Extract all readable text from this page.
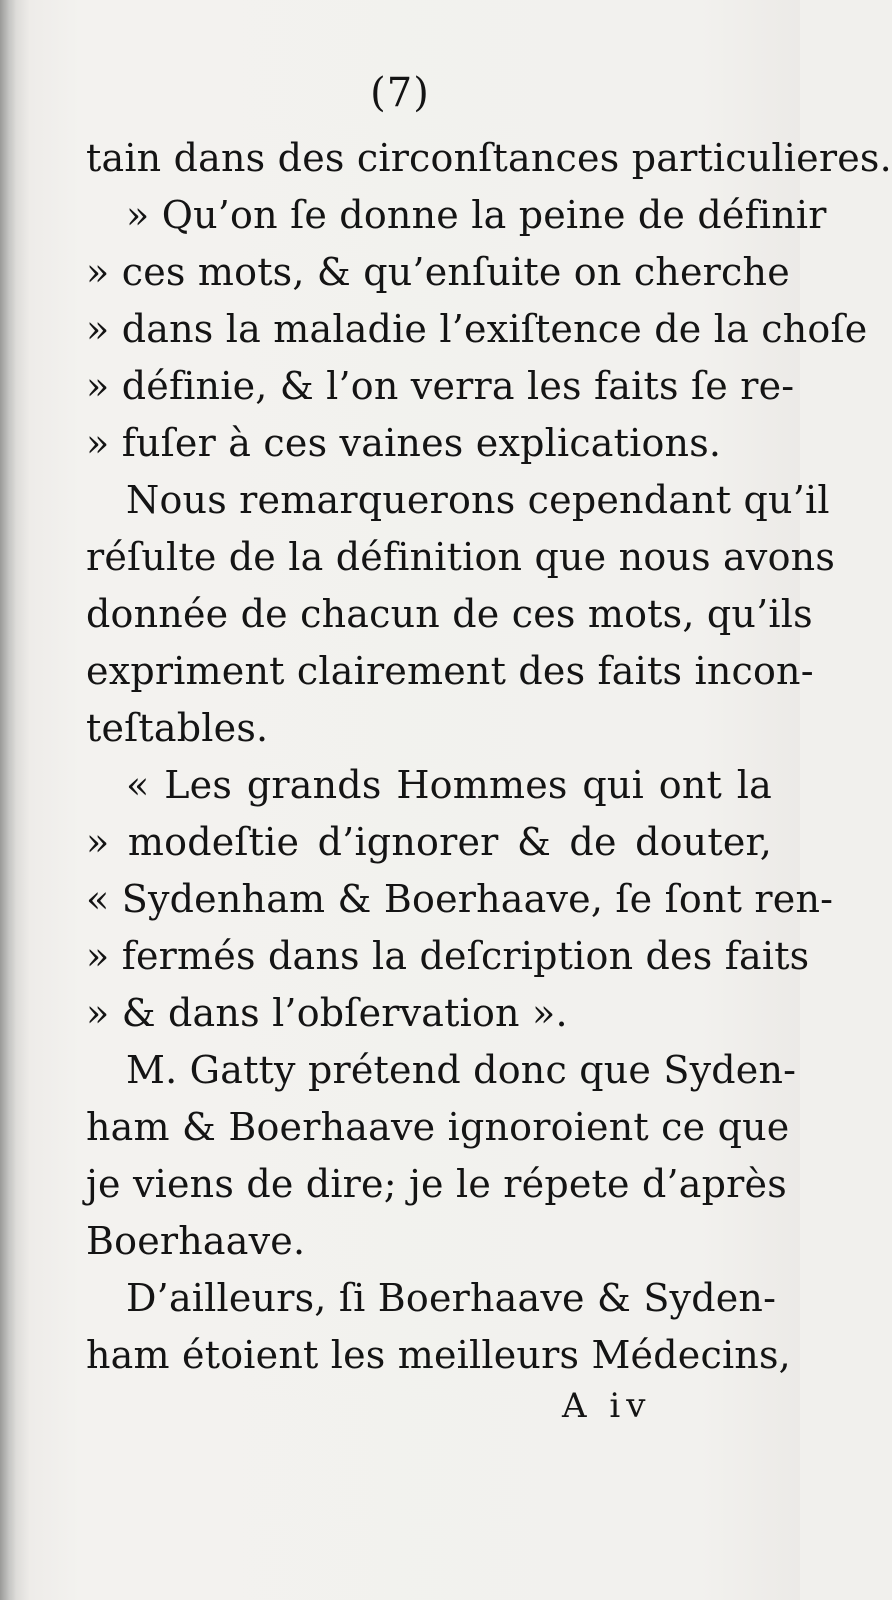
(7)
tain dans des circonſtances particulieres.
» Qu’on ſe donne la peine de définir
» ces mots, & qu’enſuite on cherche
» dans la maladie l’exiſtence de la choſe
» définie, & l’on verra les faits ſe re-
» fuſer à ces vaines explications.
Nous remarquerons cependant qu’il
réſulte de la définition que nous avons
donnée de chacun de ces mots, qu’ils
expriment clairement des faits incon-
teſtables.
« Les grands Hommes qui ont la
» modeſtie d’ignorer & de douter,
« Sydenham & Boerhaave, ſe ſont ren-
» fermés dans la deſcription des faits
» & dans l’obſervation ».
M. Gatty prétend donc que Syden-
ham & Boerhaave ignoroient ce que
je viens de dire; je le répete d’après
Boerhaave.
D’ailleurs, ſi Boerhaave & Syden-
ham étoient les meilleurs Médecins,
A iv
